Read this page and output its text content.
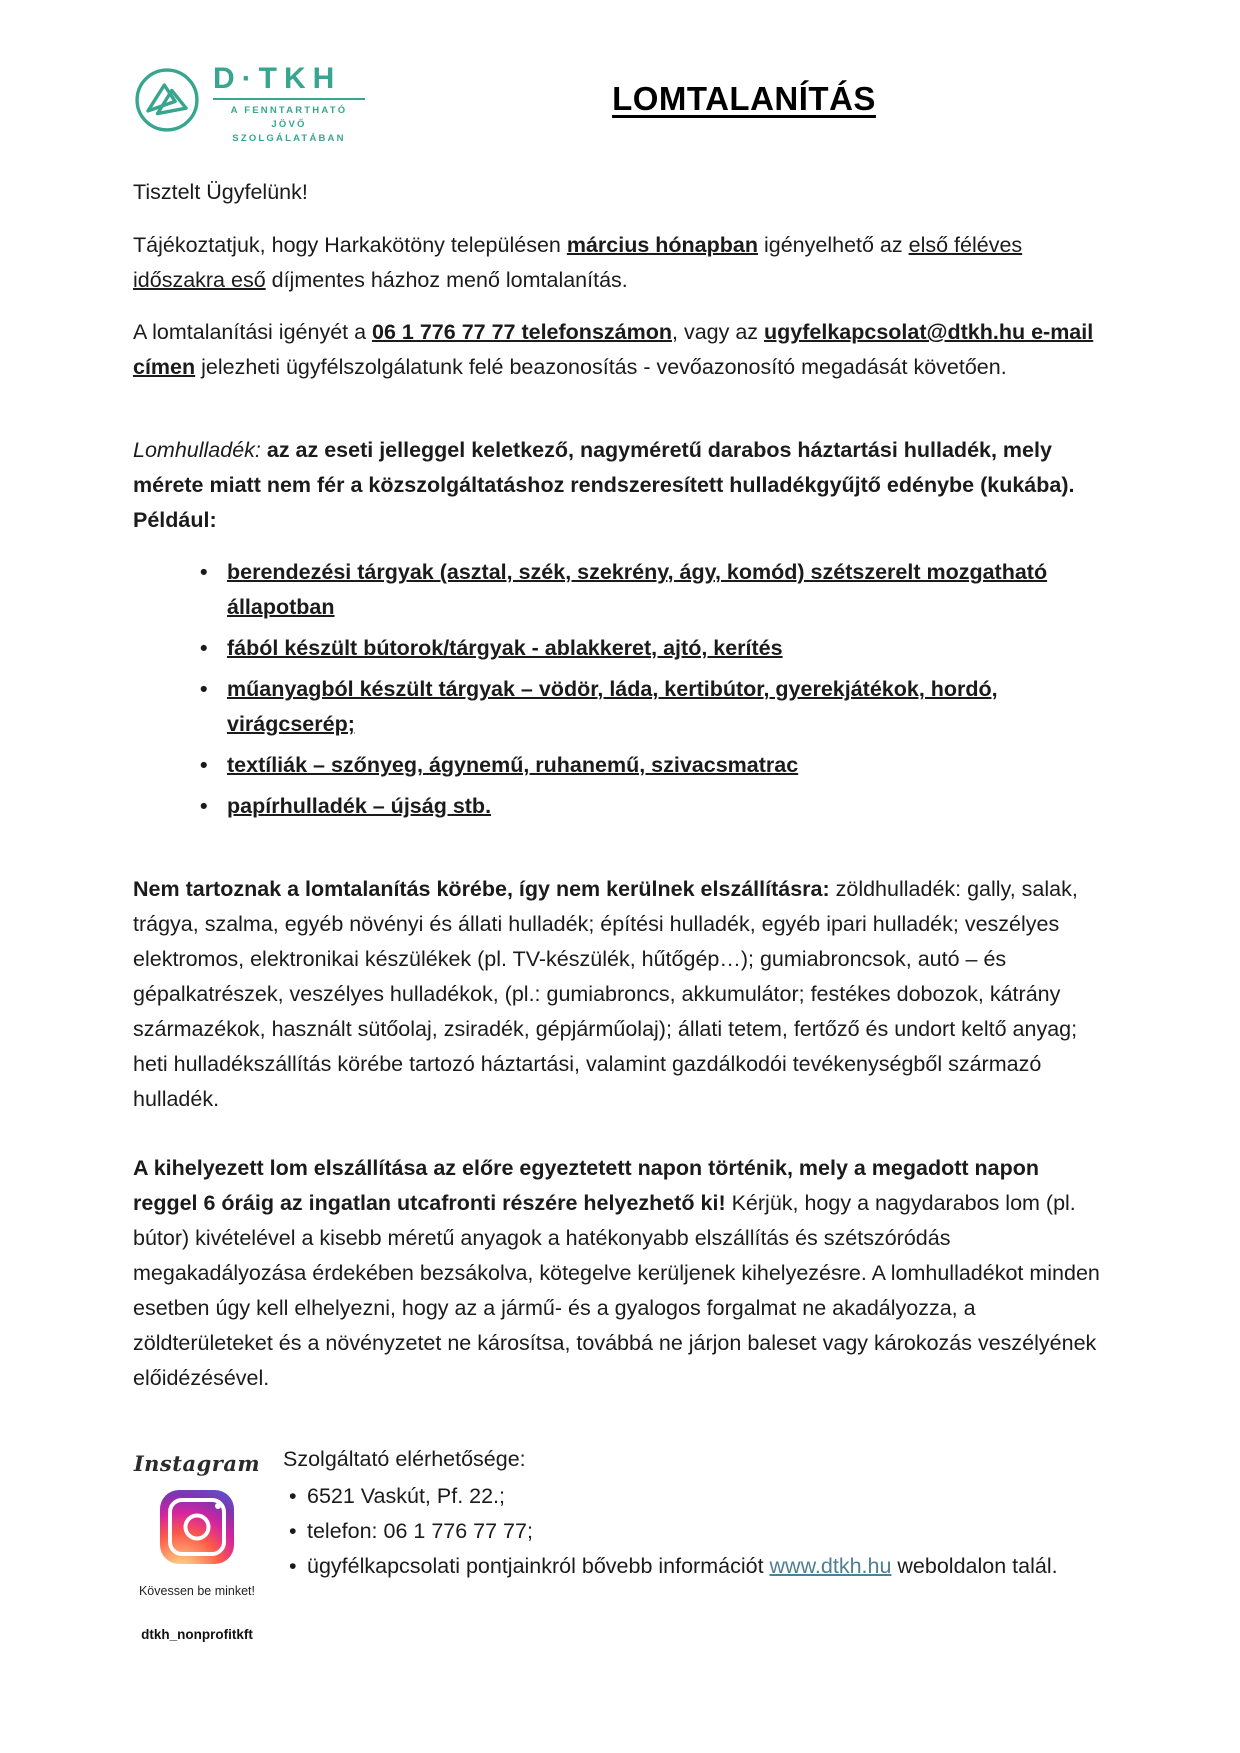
D·TKH
A FENNTARTHATÓ JÖVŐ
SZOLGÁLATÁBAN
LOMTALANÍTÁS

Tisztelt Ügyfelünk!

Tájékoztatjuk, hogy Harkakötöny településen március hónapban igényelhető az első féléves időszakra eső díjmentes házhoz menő lomtalanítás.

A lomtalanítási igényét a 06 1 776 77 77 telefonszámon, vagy az ugyfelkapcsolat@dtkh.hu e-mail címen jelezheti ügyfélszolgálatunk felé beazonosítás - vevőazonosító megadását követően.

Lomhulladék: az az eseti jelleggel keletkező, nagyméretű darabos háztartási hulladék, mely mérete miatt nem fér a közszolgáltatáshoz rendszeresített hulladékgyűjtő edénybe (kukába). Például:

• berendezési tárgyak (asztal, szék, szekrény, ágy, komód) szétszerelt mozgatható állapotban
• fából készült bútorok/tárgyak - ablakkeret, ajtó, kerítés
• műanyagból készült tárgyak – vödör, láda, kertibútor, gyerekjátékok, hordó, virágcserép;
• textíliák – szőnyeg, ágynemű, ruhanemű, szivacsmatrac
• papírhulladék – újság stb.

Nem tartoznak a lomtalanítás körébe, így nem kerülnek elszállításra: zöldhulladék: gally, salak, trágya, szalma, egyéb növényi és állati hulladék; építési hulladék, egyéb ipari hulladék; veszélyes elektromos, elektronikai készülékek (pl. TV-készülék, hűtőgép…); gumiabroncsok, autó – és gépalkatrészek, veszélyes hulladékok, (pl.: gumiabroncs, akkumulátor; festékes dobozok, kátrány származékok, használt sütőolaj, zsiradék, gépjárműolaj); állati tetem, fertőző és undort keltő anyag; heti hulladékszállítás körébe tartozó háztartási, valamint gazdálkodói tevékenységből származó hulladék.

A kihelyezett lom elszállítása az előre egyeztetett napon történik, mely a megadott napon reggel 6 óráig az ingatlan utcafronti részére helyezhető ki! Kérjük, hogy a nagydarabos lom (pl. bútor) kivételével a kisebb méretű anyagok a hatékonyabb elszállítás és szétszóródás megakadályozása érdekében bezsákolva, kötegelve kerüljenek kihelyezésre. A lomhulladékot minden esetben úgy kell elhelyezni, hogy az a jármű- és a gyalogos forgalmat ne akadályozza, a zöldterületeket és a növényzetet ne károsítsa, továbbá ne járjon baleset vagy károkozás veszélyének előidézésével.

Instagram
Kövessen be minket!
dtkh_nonprofitkft

Szolgáltató elérhetősége:

• 6521 Vaskút, Pf. 22.;
• telefon: 06 1 776 77 77;
• ügyfélkapcsolati pontjainkról bővebb információt www.dtkh.hu weboldalon talál.
